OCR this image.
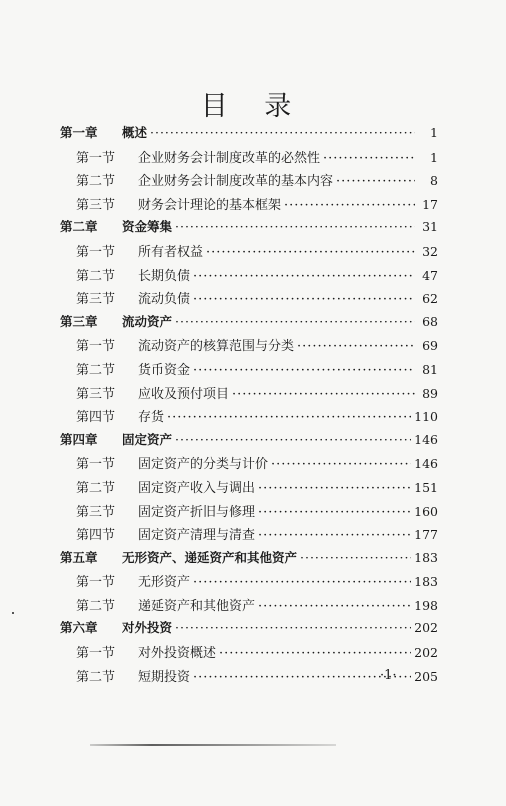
目 录
第一章	概述 ·····	1
第一节	企业财务会计制度改革的必然性 ·····	1
第二节	企业财务会计制度改革的基本内容 ·····	8
第三节	财务会计理论的基本框架 ·····	17
第二章	资金筹集 ·····	31
第一节	所有者权益 ·····	32
第二节	长期负债 ·····	47
第三节	流动负债 ·····	62
第三章	流动资产 ·····	68
第一节	流动资产的核算范围与分类 ·····	69
第二节	货币资金 ·····	81
第三节	应收及预付项目 ·····	89
第四节	存货 ·····	110
第四章	固定资产 ·····	146
第一节	固定资产的分类与计价 ·····	146
第二节	固定资产收入与调出 ·····	151
第三节	固定资产折旧与修理 ·····	160
第四节	固定资产清理与清查 ·····	177
第五章	无形资产、递延资产和其他资产 ·····	183
第一节	无形资产 ·····	183
第二节	递延资产和其他资产 ·····	198
第六章	对外投资 ·····	202
第一节	对外投资概述 ·····	202
第二节	短期投资 ·····	205
·1·
